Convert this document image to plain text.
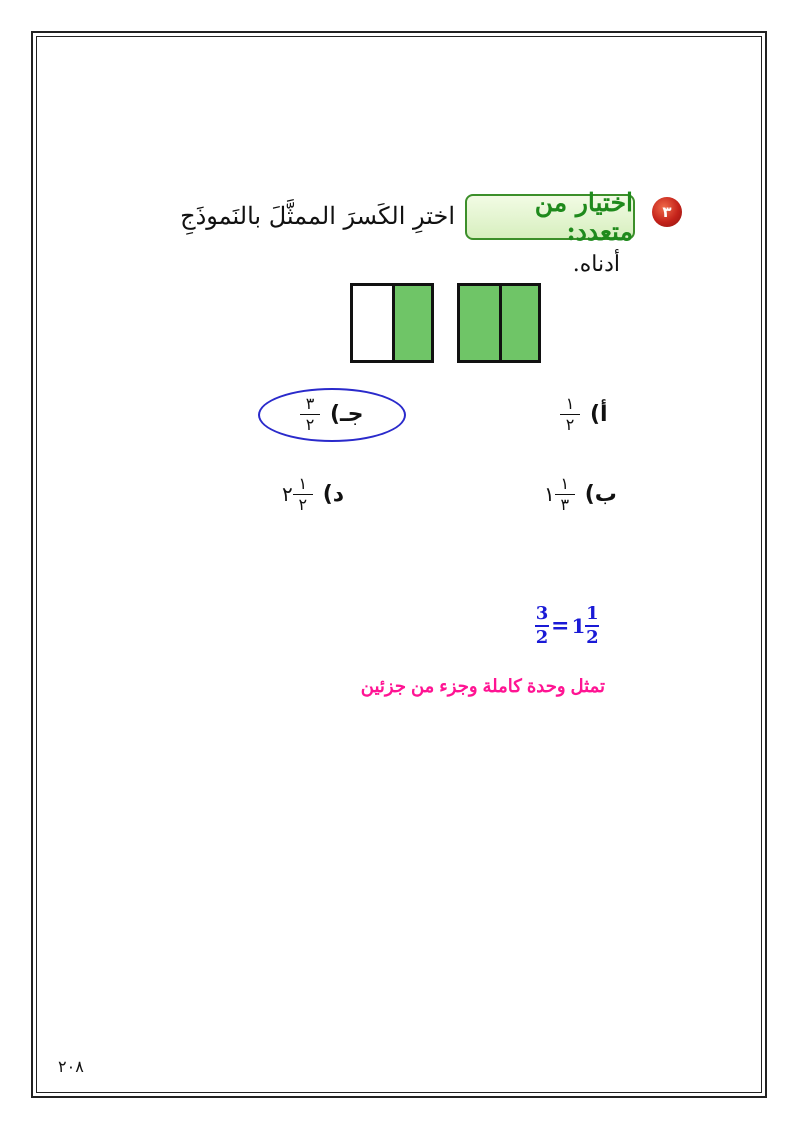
٣
اختيار من متعدد:
اخترِ الكَسرَ الممثَّلَ بالنَموذَجِ
أدناه.
أ)
$\frac{١}{٢}$
ب)
$\frac{١}{٣}$
١
جـ)
$\frac{٣}{٢}$
د)
$\frac{١}{٢}$
٢
$\frac{3}{2} = 1 \frac{1}{2}$
تمثل وحدة كاملة وجزء من جزئين
٢٠٨
